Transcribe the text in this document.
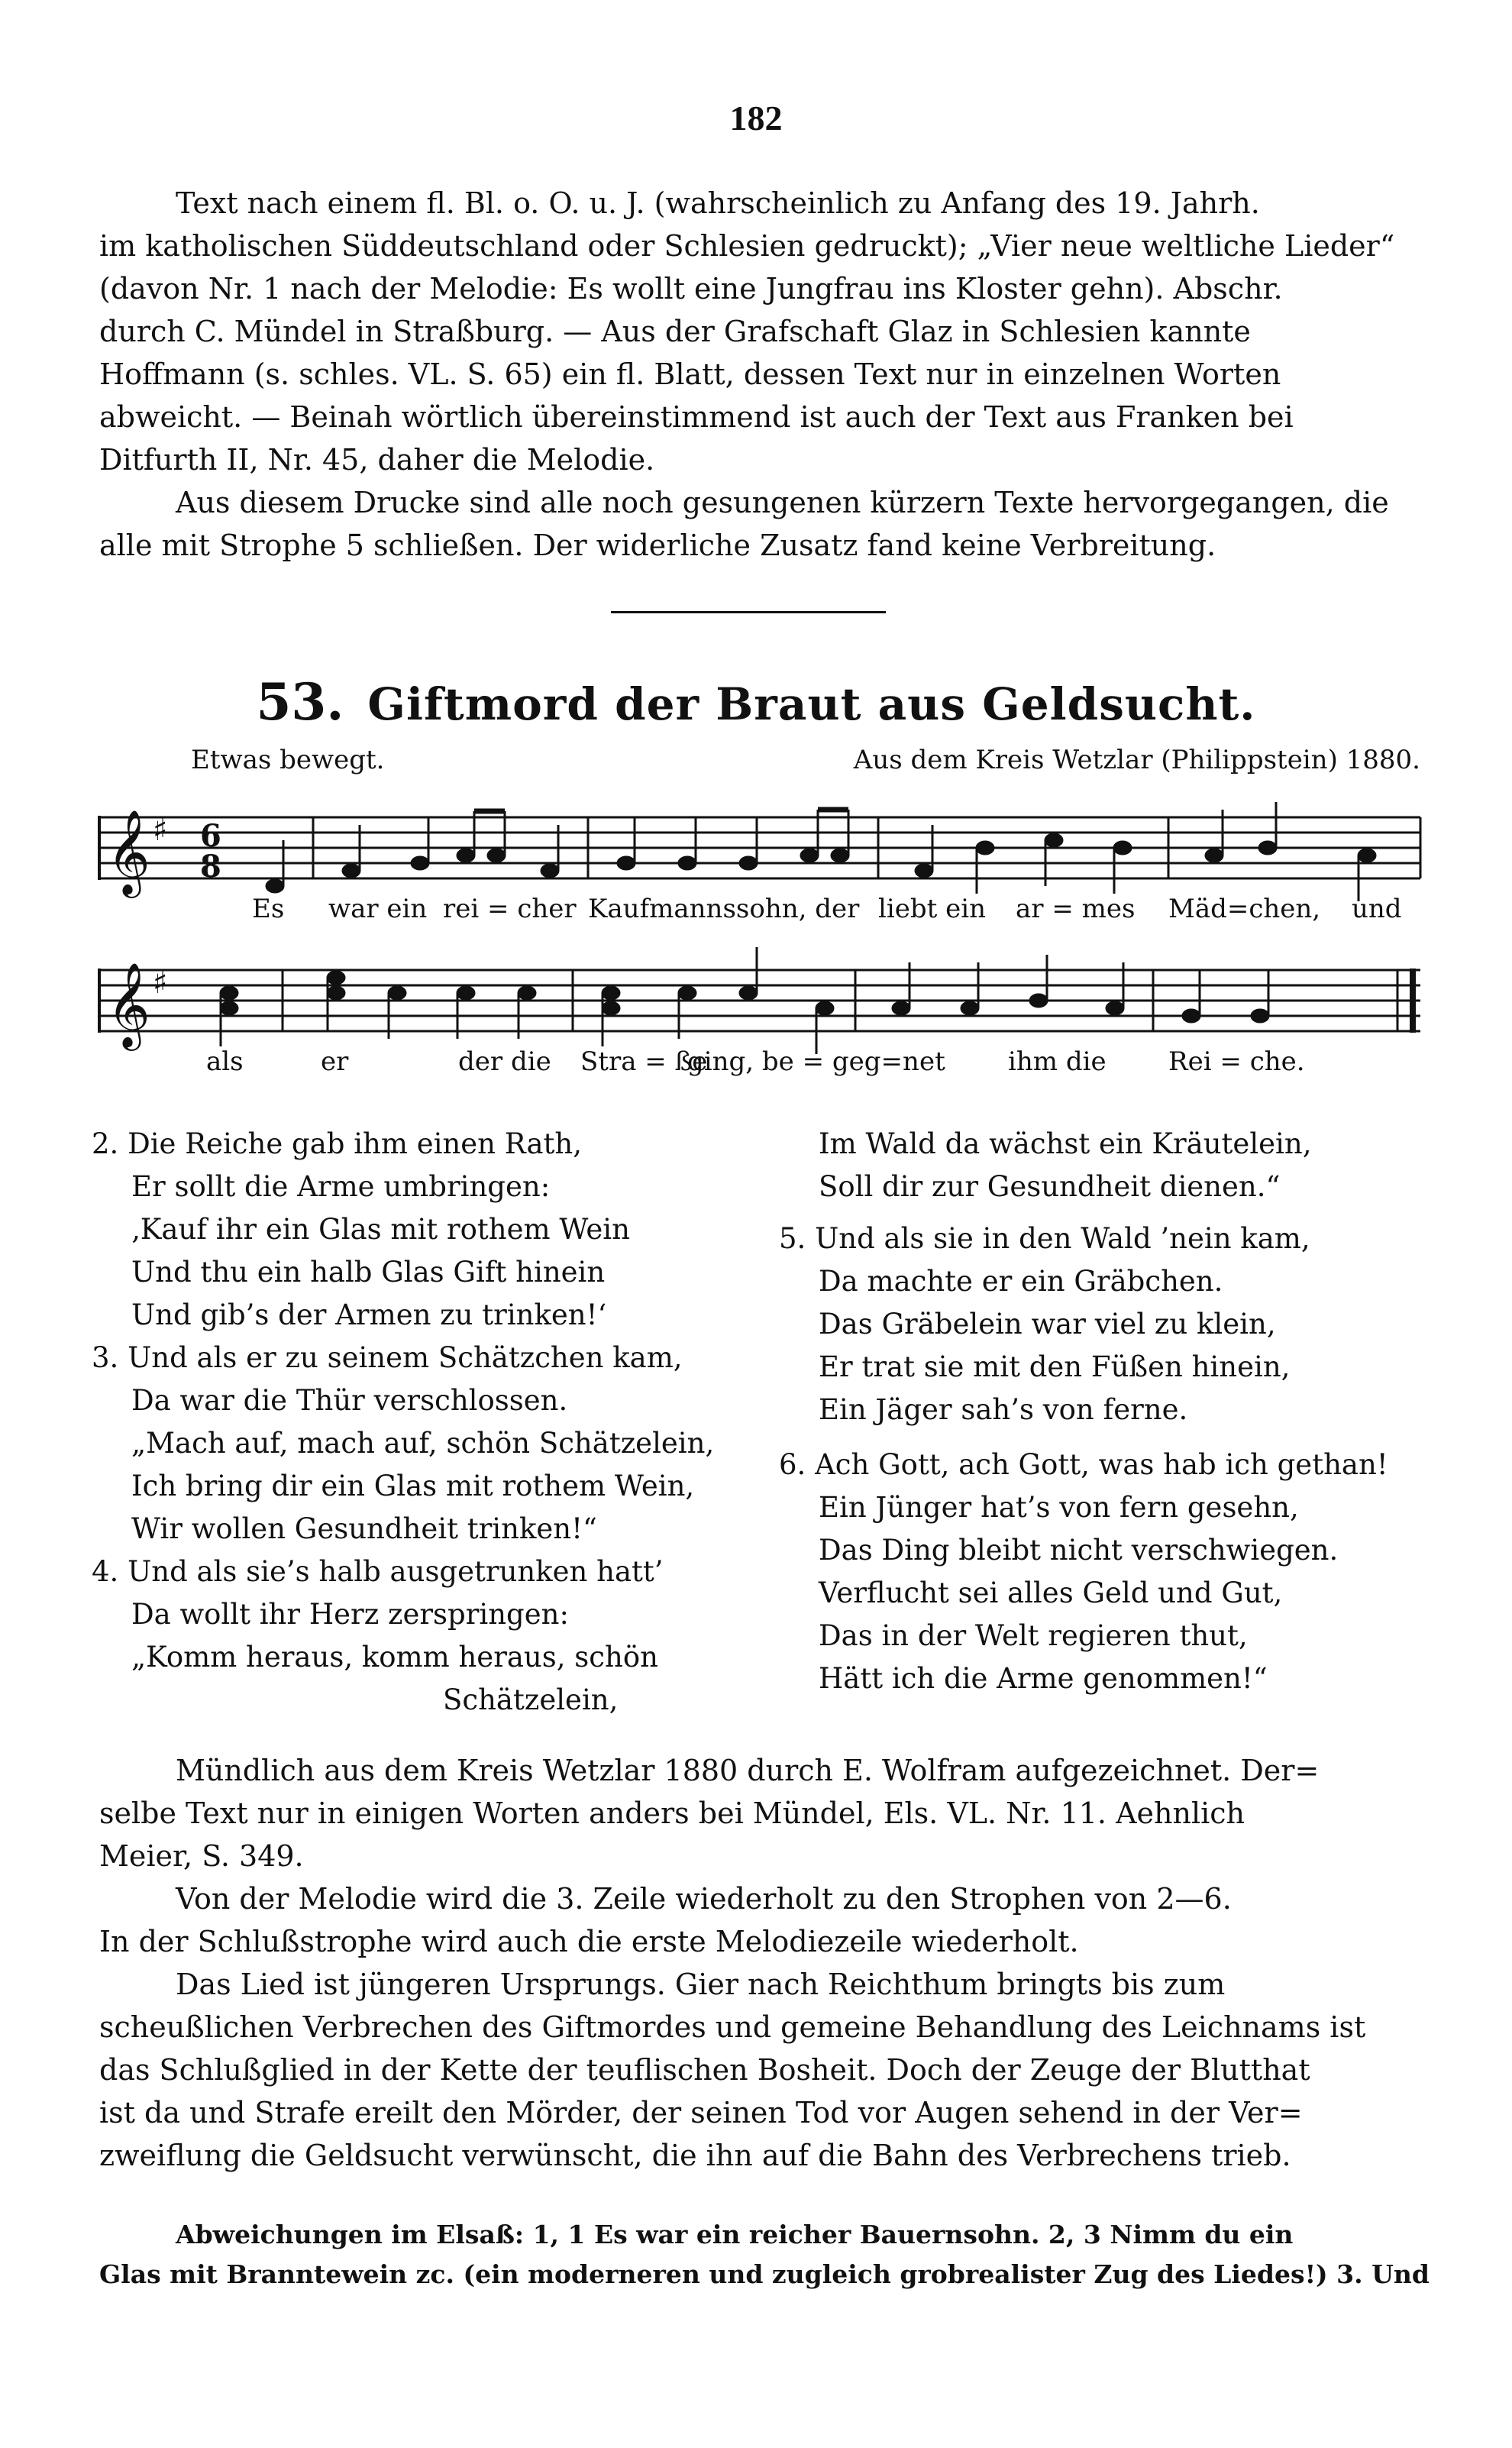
182
Text nach einem fl. Bl. o. O. u. J. (wahrscheinlich zu Anfang des 19. Jahrh.
im katholischen Süddeutschland oder Schlesien gedruckt); „Vier neue weltliche Lieder“
(davon Nr. 1 nach der Melodie: Es wollt eine Jungfrau ins Kloster gehn). Abschr.
durch C. Mündel in Straßburg. — Aus der Grafschaft Glaz in Schlesien kannte
Hoffmann (s. schles. VL. S. 65) ein fl. Blatt, dessen Text nur in einzelnen Worten
abweicht. — Beinah wörtlich übereinstimmend ist auch der Text aus Franken bei
Ditfurth II, Nr. 45, daher die Melodie.
Aus diesem Drucke sind alle noch gesungenen kürzern Texte hervorgegangen, die
alle mit Strophe 5 schließen. Der widerliche Zusatz fand keine Verbreitung.
53. Giftmord der Braut aus Geldsucht.
Etwas bewegt.	Aus dem Kreis Wetzlar (Philippstein) 1880.
𝄞 ♯ 6
8
Es war ein rei = cher Kaufmannssohn, der liebt ein ar = mes Mäd=chen, und
𝄞 ♯
als	er	der die Stra = ße
ging, be = geg=net ihm die Rei = che.
2. Die Reiche gab ihm einen Rath,
Er sollt die Arme umbringen:
‚Kauf ihr ein Glas mit rothem Wein
Und thu ein halb Glas Gift hinein
Und gib’s der Armen zu trinken!‘
3. Und als er zu seinem Schätzchen kam,
Da war die Thür verschlossen.
„Mach auf, mach auf, schön Schätzelein,
Ich bring dir ein Glas mit rothem Wein,
Wir wollen Gesundheit trinken!“
4. Und als sie’s halb ausgetrunken hatt’
Da wollt ihr Herz zerspringen:
„Komm heraus, komm heraus, schön
Schätzelein,
Im Wald da wächst ein Kräutelein,
Soll dir zur Gesundheit dienen.“
5. Und als sie in den Wald ’nein kam,
Da machte er ein Gräbchen.
Das Gräbelein war viel zu klein,
Er trat sie mit den Füßen hinein,
Ein Jäger sah’s von ferne.
6. Ach Gott, ach Gott, was hab ich gethan!
Ein Jünger hat’s von fern gesehn,
Das Ding bleibt nicht verschwiegen.
Verflucht sei alles Geld und Gut,
Das in der Welt regieren thut,
Hätt ich die Arme genommen!“
Mündlich aus dem Kreis Wetzlar 1880 durch E. Wolfram aufgezeichnet. Der=
selbe Text nur in einigen Worten anders bei Mündel, Els. VL. Nr. 11. Aehnlich
Meier, S. 349.
Von der Melodie wird die 3. Zeile wiederholt zu den Strophen von 2—6.
In der Schlußstrophe wird auch die erste Melodiezeile wiederholt.
Das Lied ist jüngeren Ursprungs. Gier nach Reichthum bringts bis zum
scheußlichen Verbrechen des Giftmordes und gemeine Behandlung des Leichnams ist
das Schlußglied in der Kette der teuflischen Bosheit. Doch der Zeuge der Blutthat
ist da und Strafe ereilt den Mörder, der seinen Tod vor Augen sehend in der Ver=
zweiflung die Geldsucht verwünscht, die ihn auf die Bahn des Verbrechens trieb.
Abweichungen im Elsaß: 1, 1 Es war ein reicher Bauernsohn. 2, 3 Nimm du ein
Glas mit Branntewein zc. (ein moderneren und zugleich grobrealister Zug des Liedes!) 3. Und
